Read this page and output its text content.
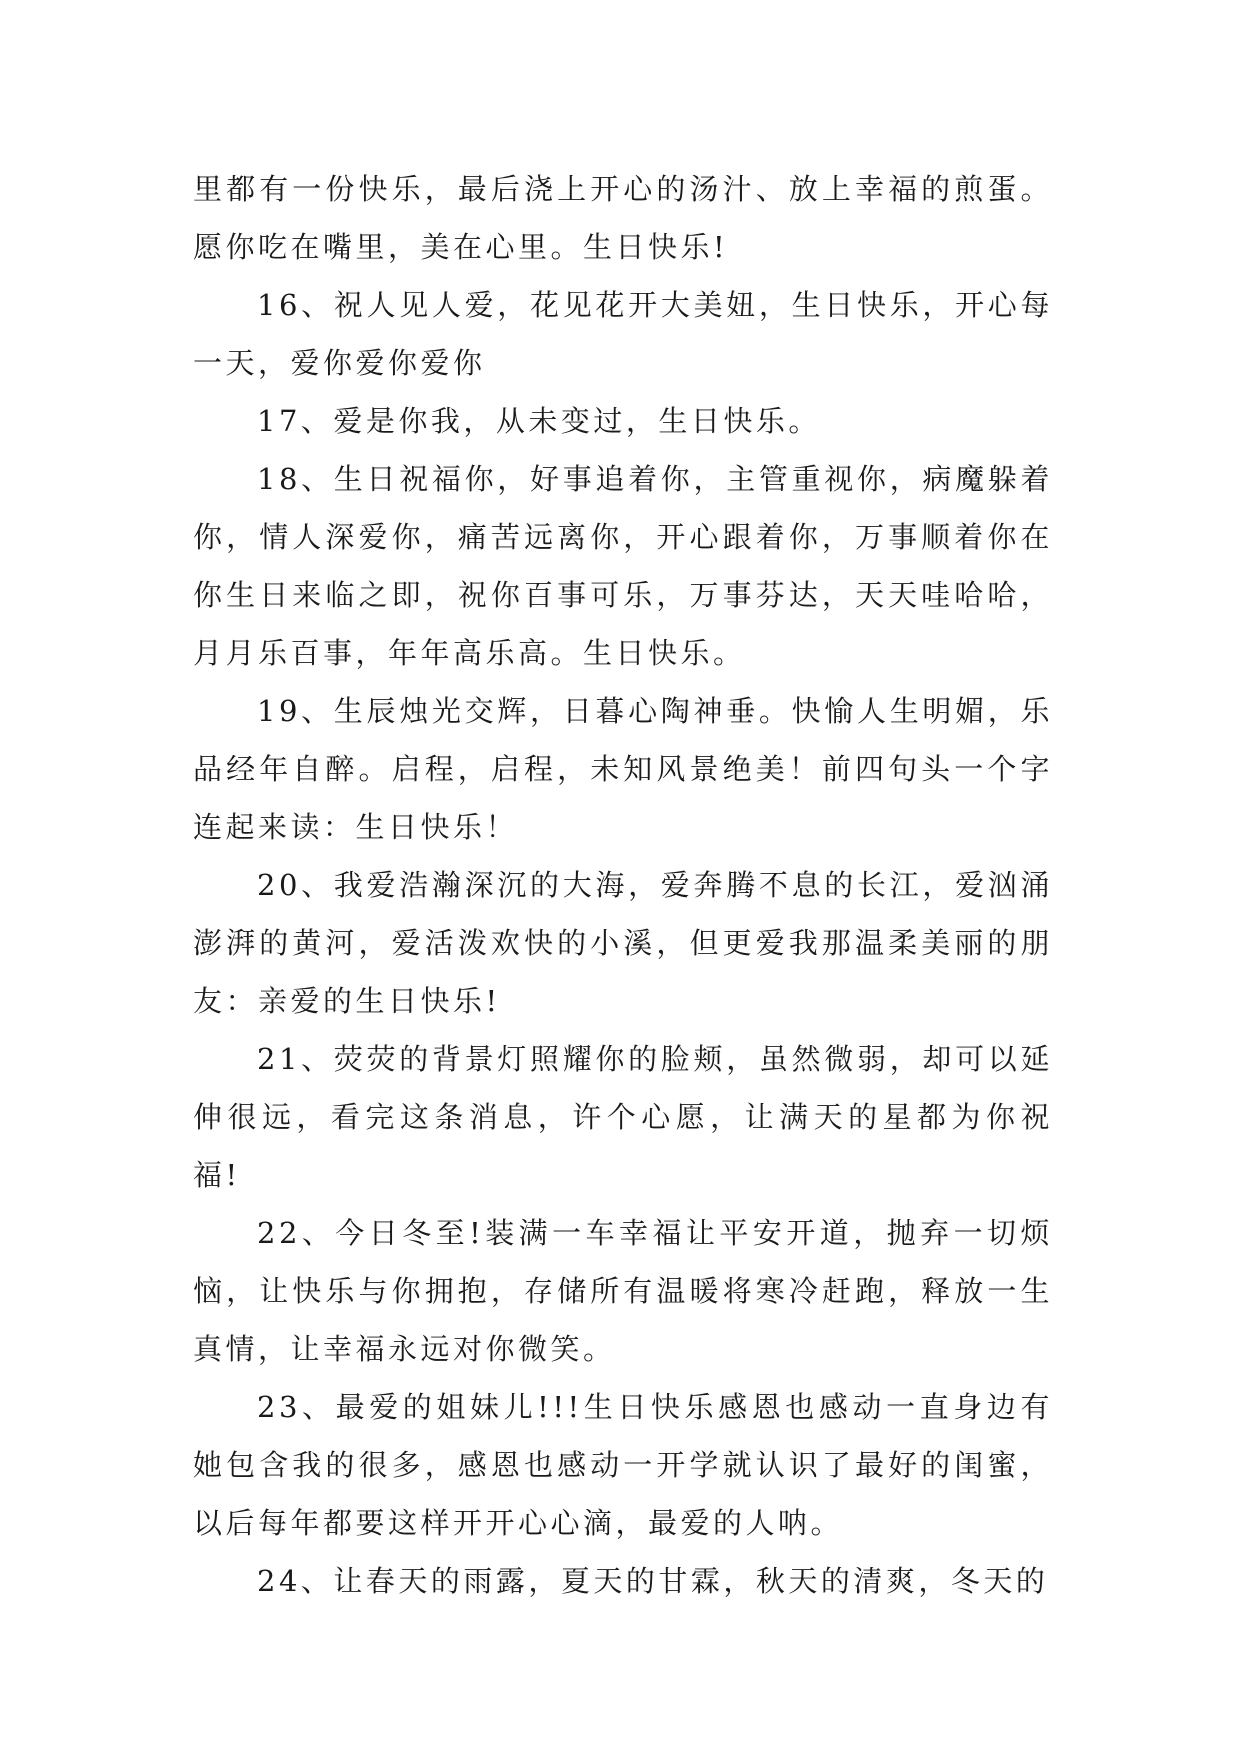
里都有一份快乐，最后浇上开心的汤汁、放上幸福的煎蛋。愿你吃在嘴里，美在心里。生日快乐!

16、祝人见人爱，花见花开大美妞，生日快乐，开心每一天，爱你爱你爱你

17、爱是你我，从未变过，生日快乐。

18、生日祝福你，好事追着你，主管重视你，病魔躲着你，情人深爱你，痛苦远离你，开心跟着你，万事顺着你在你生日来临之即，祝你百事可乐，万事芬达，天天哇哈哈，月月乐百事，年年高乐高。生日快乐。

19、生辰烛光交辉，日暮心陶神垂。快愉人生明媚，乐品经年自醉。启程，启程，未知风景绝美！前四句头一个字连起来读：生日快乐！

20、我爱浩瀚深沉的大海，爱奔腾不息的长江，爱汹涌澎湃的黄河，爱活泼欢快的小溪，但更爱我那温柔美丽的朋友：亲爱的生日快乐!

21、荧荧的背景灯照耀你的脸颊，虽然微弱，却可以延伸很远，看完这条消息，许个心愿，让满天的星都为你祝福!

22、今日冬至!装满一车幸福让平安开道，抛弃一切烦恼，让快乐与你拥抱，存储所有温暖将寒冷赶跑，释放一生真情，让幸福永远对你微笑。

23、最爱的姐妹儿!!!生日快乐感恩也感动一直身边有她包含我的很多，感恩也感动一开学就认识了最好的闺蜜，以后每年都要这样开开心心滴，最爱的人呐。

24、让春天的雨露，夏天的甘霖，秋天的清爽，冬天的
